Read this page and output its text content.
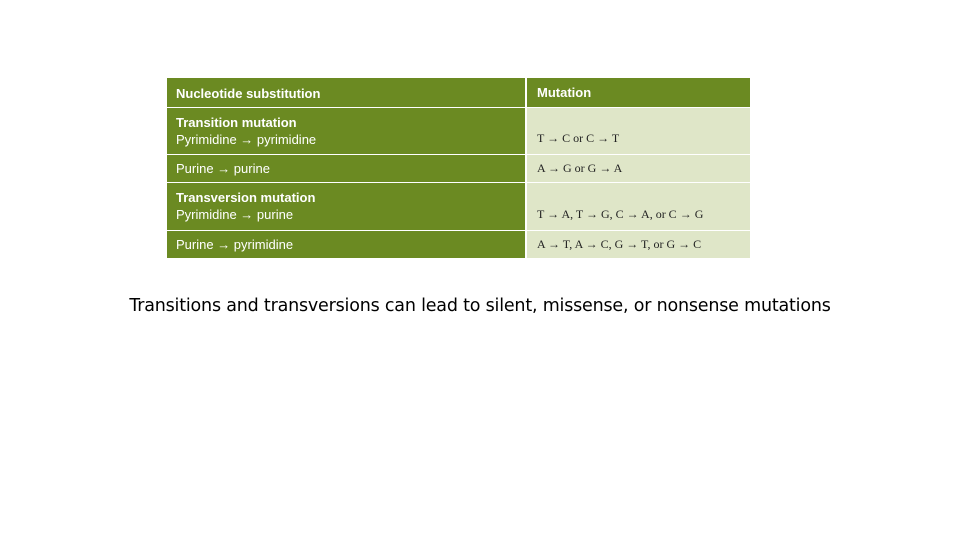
Nucleotide substitution	Mutation
Transition mutation
Pyrimidine → pyrimidine	T → C or C → T
Purine → purine	A → G or G → A
Transversion mutation
Pyrimidine → purine	T → A, T → G, C → A, or C → G
Purine → pyrimidine	A → T, A → C, G → T, or G → C
Transitions and transversions can lead to silent, missense, or nonsense mutations
